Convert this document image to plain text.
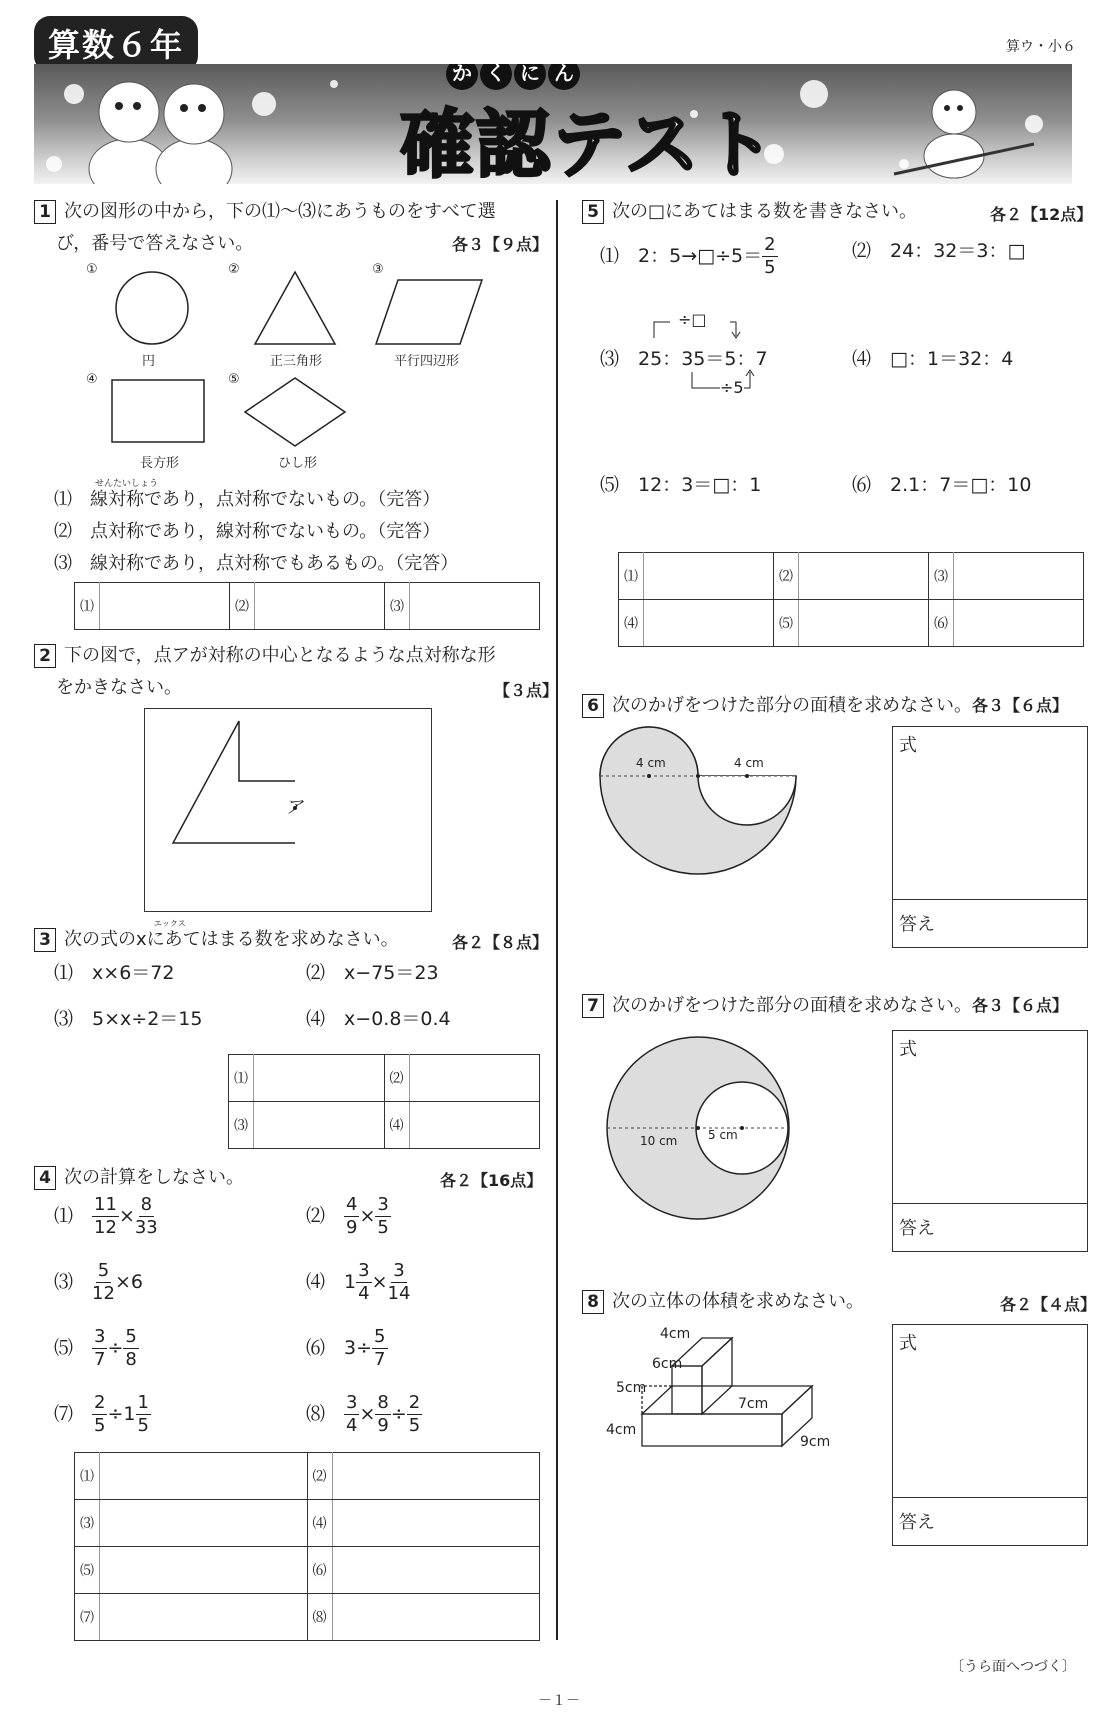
算数６年	算ウ・小６
か く に ん
確認テスト
1 次の図形の中から，下の⑴〜⑶にあうものをすべて選
び，番号で答えなさい。	各３【９点】
①	②	③
④	⑤
円	正三角形	平行四辺形
長方形	ひし形
せんたいしょう
⑴　 線対称であり，点対称でないもの。（完答）
⑵　 点対称であり，線対称でないもの。（完答）
⑶　 線対称であり，点対称でもあるもの。（完答）
⑴		⑵		⑶	
2 下の図で，点アが対称の中心となるような点対称な形
をかきなさい。	【３点】
ア
エックス
3 次の式のxにあてはまる数を求めなさい。	各２【８点】
⑴　 x×6＝72	⑵　 x−75＝23
⑶　 5×x÷2＝15	⑷　 x−0.8＝0.4
⑴		⑵	
⑶		⑷	
4 次の計算をしなさい。	各２【16点】
⑴　 $\frac{11}{12} \times \frac{8}{33}$	⑵　 $\frac{4}{9} \times \frac{3}{5}$
⑶　 $\frac{5}{12} \times 6$	⑷　 $1 \frac{3}{4} \times \frac{3}{14}$
⑸　 $\frac{3}{7} \div \frac{5}{8}$	⑹　 $3\div \frac{5}{7}$
⑺　 $\frac{2}{5} \div 1 \frac{1}{5}$	⑻　 $\frac{3}{4} \times \frac{8}{9} \div \frac{2}{5}$
⑴		⑵	
⑶		⑷	
⑸		⑹	
⑺		⑻	
5 次の□にあてはまる数を書きなさい。	各２【12点】
⑴　 2：5→□÷5＝ $\frac{2}{5}$	⑵　 24：32＝3：□
÷□
÷5
⑶　 25：35＝5：7	⑷　 □：1＝32：4
⑸　 12：3＝□：1	⑹　 2.1：7＝□：10
⑴		⑵		⑶	
⑷		⑸		⑹	
6 次のかげをつけた部分の面積を求めなさい。各３【６点】
4 cm	4 cm
式
答え
7 次のかげをつけた部分の面積を求めなさい。各３【６点】
10 cm	5 cm
式
答え
8 次の立体の体積を求めなさい。	各２【４点】
4cm
6cm
5cm
4cm
7cm
9cm
式
答え
〔うら面へつづく〕
－１－
